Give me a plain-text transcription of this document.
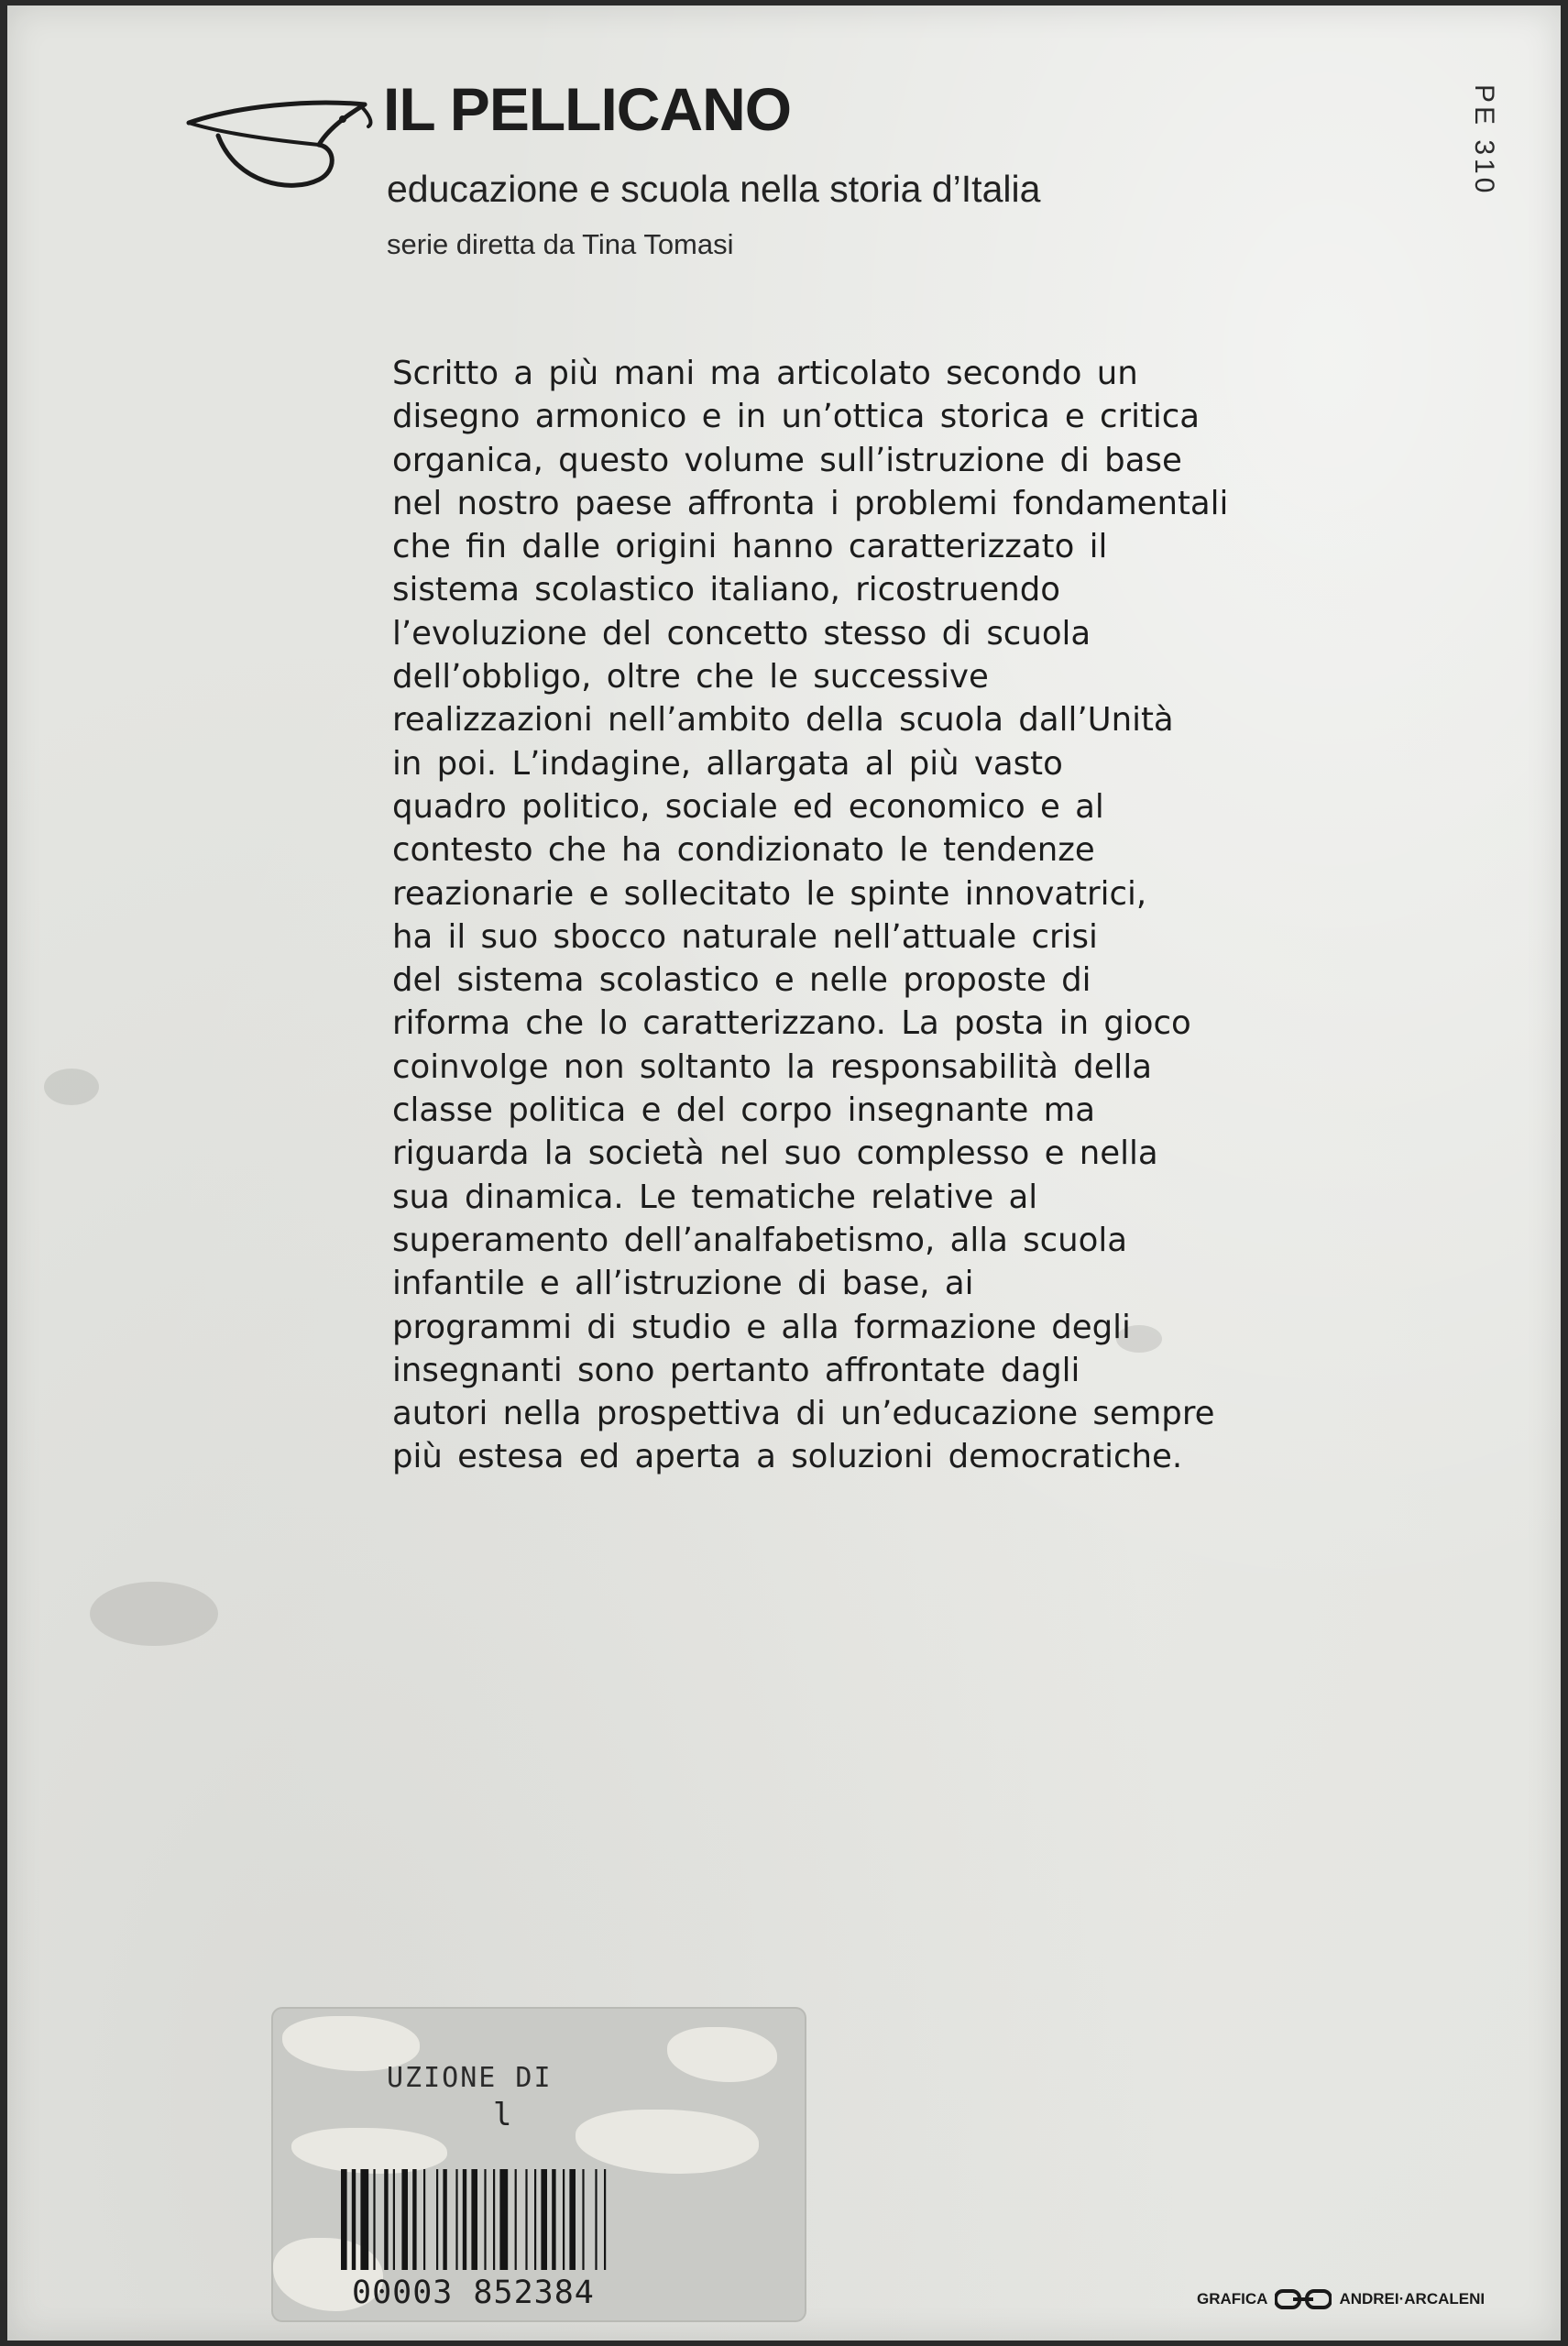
IL PELLICANO

educazione e scuola nella storia d’Italia

serie diretta da Tina Tomasi

PE 310
Scritto a più mani ma articolato secondo un
disegno armonico e in un’ottica storica e critica
organica, questo volume sull’istruzione di base
nel nostro paese affronta i problemi fondamentali
che fin dalle origini hanno caratterizzato il
sistema scolastico italiano, ricostruendo
l’evoluzione del concetto stesso di scuola
dell’obbligo, oltre che le successive
realizzazioni nell’ambito della scuola dall’Unità
in poi. L’indagine, allargata al più vasto
quadro politico, sociale ed economico e al
contesto che ha condizionato le tendenze
reazionarie e sollecitato le spinte innovatrici,
ha il suo sbocco naturale nell’attuale crisi
del sistema scolastico e nelle proposte di
riforma che lo caratterizzano. La posta in gioco
coinvolge non soltanto la responsabilità della
classe politica e del corpo insegnante ma
riguarda la società nel suo complesso e nella
sua dinamica. Le tematiche relative al
superamento dell’analfabetismo, alla scuola
infantile e all’istruzione di base, ai
programmi di studio e alla formazione degli
insegnanti sono pertanto affrontate dagli
autori nella prospettiva di un’educazione sempre
più estesa ed aperta a soluzioni democratiche.
UZIONE DI
l
00003 852384	GRAFICA	ANDREI·ARCALENI
